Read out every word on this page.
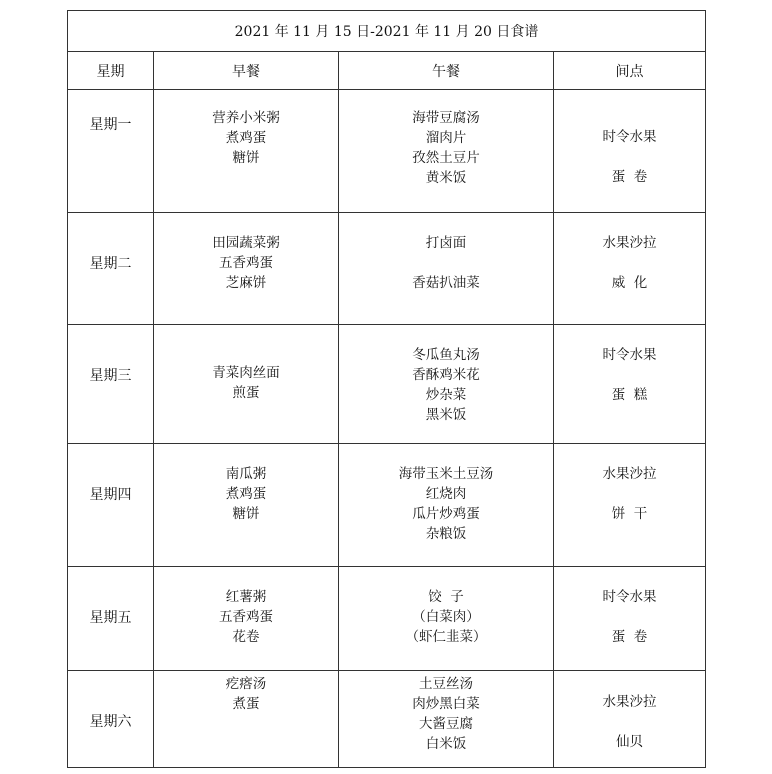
2021 年 11 月 15 日-2021 年 11 月 20 日食谱			
星期	早餐	午餐	间点

星期一	营养小米粥
煮鸡蛋
糖饼	海带豆腐汤
溜肉片
孜然土豆片
黄米饭	时令水果

蛋  卷

星期二	田园蔬菜粥
五香鸡蛋
芝麻饼	打卤面

香菇扒油菜	水果沙拉

威  化

星期三	青菜肉丝面
煎蛋	冬瓜鱼丸汤
香酥鸡米花
炒杂菜
黑米饭	时令水果

蛋  糕

星期四	南瓜粥
煮鸡蛋
糖饼	海带玉米土豆汤
红烧肉
瓜片炒鸡蛋
杂粮饭	水果沙拉

饼  干

星期五	红薯粥
五香鸡蛋
花卷	饺  子
（白菜肉）
（虾仁韭菜）	时令水果

蛋  卷

星期六	疙瘩汤
煮蛋	土豆丝汤
肉炒黑白菜
大酱豆腐
白米饭	水果沙拉

仙贝
